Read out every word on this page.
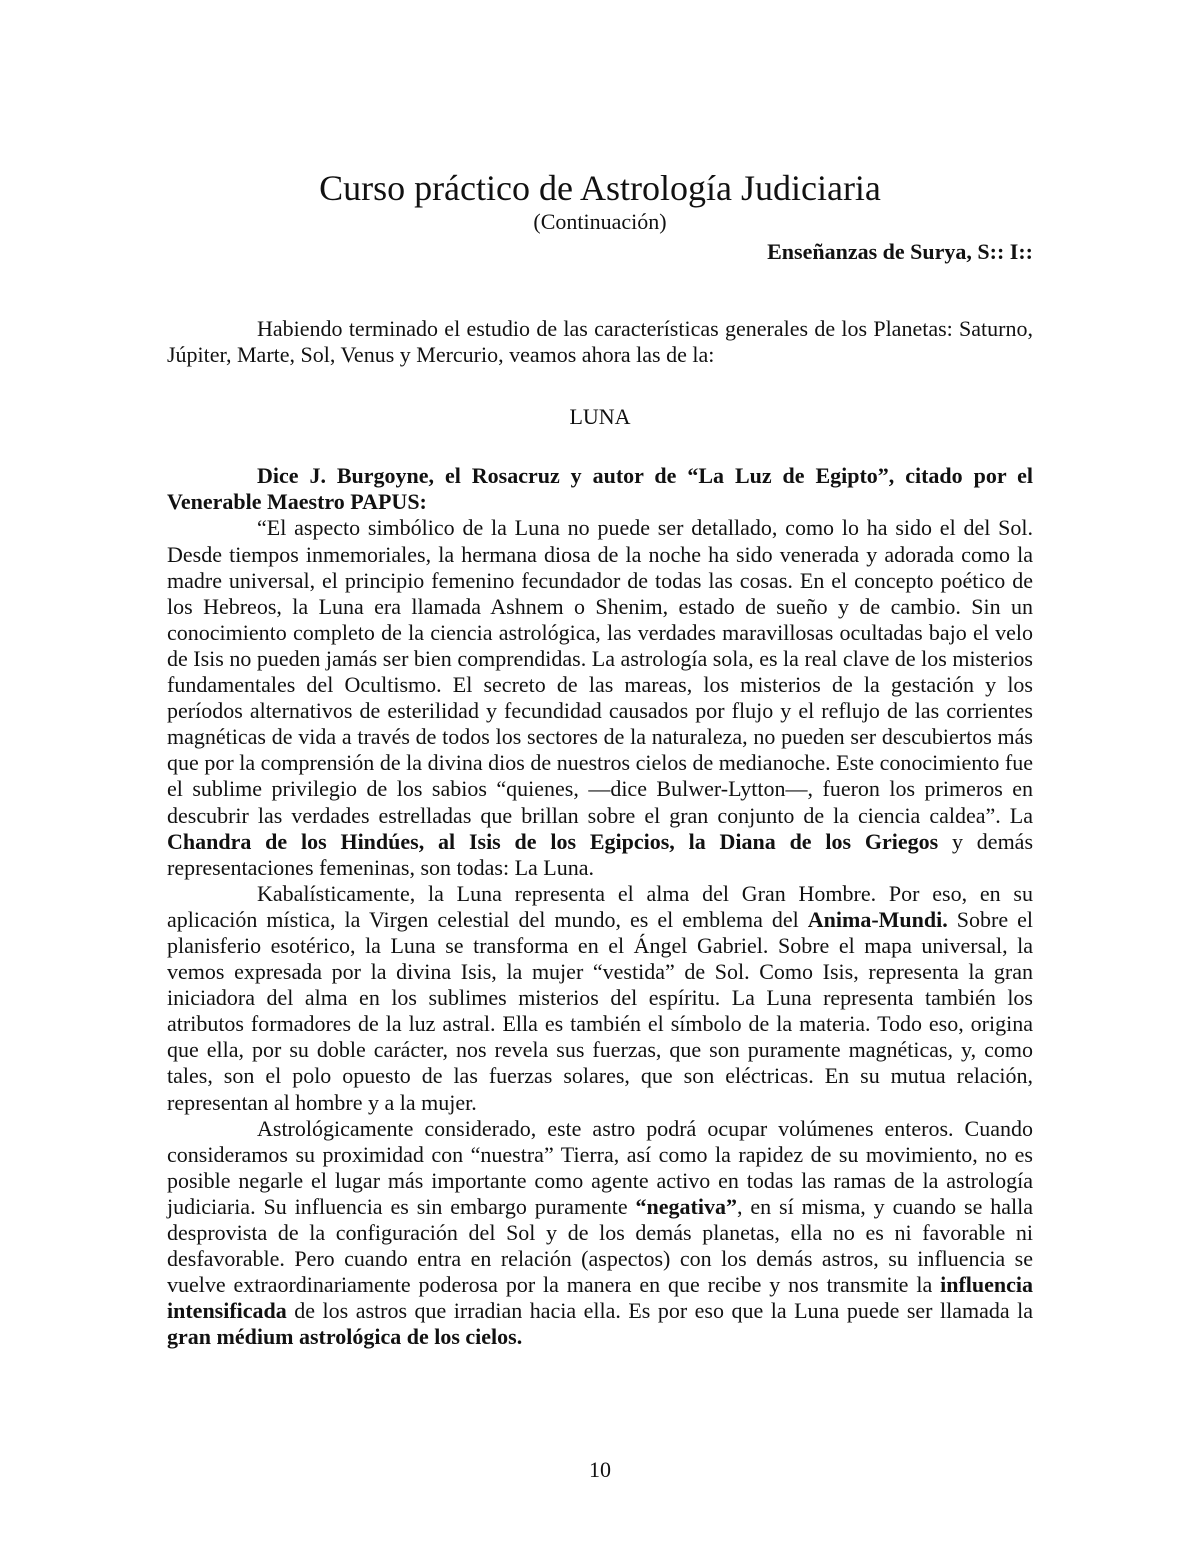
Curso práctico de Astrología Judiciaria
(Continuación)
Enseñanzas de Surya, S:: I::

Habiendo terminado el estudio de las características generales de los Planetas: Saturno, Júpiter, Marte, Sol, Venus y Mercurio, veamos ahora las de la:

LUNA

Dice J. Burgoyne, el Rosacruz y autor de “La Luz de Egipto”, citado por el Venerable Maestro PAPUS:

“El aspecto simbólico de la Luna no puede ser detallado, como lo ha sido el del Sol. Desde tiempos inmemoriales, la hermana diosa de la noche ha sido venerada y adorada como la madre universal, el principio femenino fecundador de todas las cosas. En el concepto poético de los Hebreos, la Luna era llamada Ashnem o Shenim, estado de sueño y de cambio. Sin un conocimiento completo de la ciencia astrológica, las verdades maravillosas ocultadas bajo el velo de Isis no pueden jamás ser bien comprendidas. La astrología sola, es la real clave de los misterios fundamentales del Ocultismo. El secreto de las mareas, los misterios de la gestación y los períodos alternativos de esterilidad y fecundidad causados por flujo y el reflujo de las corrientes magnéticas de vida a través de todos los sectores de la naturaleza, no pueden ser descubiertos más que por la comprensión de la divina dios de nuestros cielos de medianoche. Este conocimiento fue el sublime privilegio de los sabios “quienes, —dice Bulwer-Lytton—, fueron los primeros en descubrir las verdades estrelladas que brillan sobre el gran conjunto de la ciencia caldea”. La Chandra de los Hindúes, al Isis de los Egipcios, la Diana de los Griegos y demás representaciones femeninas, son todas: La Luna.

Kabalísticamente, la Luna representa el alma del Gran Hombre. Por eso, en su aplicación mística, la Virgen celestial del mundo, es el emblema del Anima-Mundi. Sobre el planisferio esotérico, la Luna se transforma en el Ángel Gabriel. Sobre el mapa universal, la vemos expresada por la divina Isis, la mujer “vestida” de Sol. Como Isis, representa la gran iniciadora del alma en los sublimes misterios del espíritu. La Luna representa también los atributos formadores de la luz astral. Ella es también el símbolo de la materia. Todo eso, origina que ella, por su doble carácter, nos revela sus fuerzas, que son puramente magnéticas, y, como tales, son el polo opuesto de las fuerzas solares, que son eléctricas. En su mutua relación, representan al hombre y a la mujer.

Astrológicamente considerado, este astro podrá ocupar volúmenes enteros. Cuando consideramos su proximidad con “nuestra” Tierra, así como la rapidez de su movimiento, no es posible negarle el lugar más importante como agente activo en todas las ramas de la astrología judiciaria. Su influencia es sin embargo puramente “negativa”, en sí misma, y cuando se halla desprovista de la configuración del Sol y de los demás planetas, ella no es ni favorable ni desfavorable. Pero cuando entra en relación (aspectos) con los demás astros, su influencia se vuelve extraordinariamente poderosa por la manera en que recibe y nos transmite la influencia intensificada de los astros que irradian hacia ella. Es por eso que la Luna puede ser llamada la gran médium astrológica de los cielos.

10
